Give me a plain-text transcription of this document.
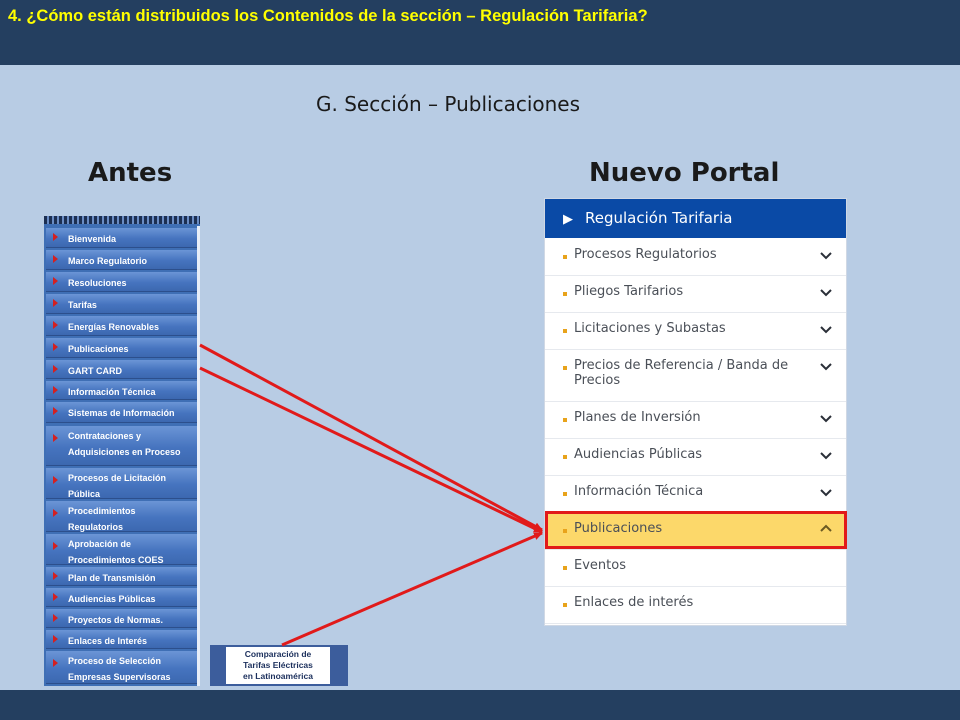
4. ¿Cómo están distribuidos los Contenidos de la sección – Regulación Tarifaria?
G. Sección – Publicaciones
Antes	Nuevo Portal
Bienvenida
Marco Regulatorio
Resoluciones
Tarifas
Energías Renovables
Publicaciones
GART CARD
Información Técnica
Sistemas de Información
Contrataciones y
Adquisiciones en Proceso
Procesos de Licitación
Pública
Procedimientos
Regulatorios
Aprobación de
Procedimientos COES
Plan de Transmisión
Audiencias Públicas
Proyectos de Normas.
Enlaces de Interés
Proceso de Selección
Empresas Supervisoras
Comparación de
Tarifas Eléctricas
en Latinoamérica
▶ Regulación Tarifaria
Procesos Regulatorios
Pliegos Tarifarios
Licitaciones y Subastas
Precios de Referencia / Banda de Precios
Planes de Inversión
Audiencias Públicas
Información Técnica
Publicaciones
Eventos
Enlaces de interés
